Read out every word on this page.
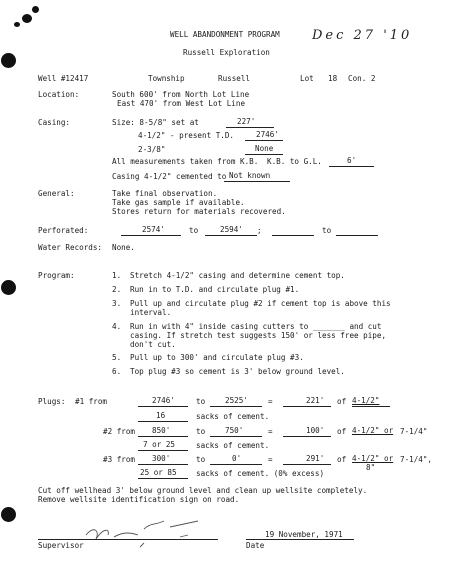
WELL ABANDONMENT PROGRAM
Russell Exploration
Dec 27 '10
Well #12417	Township	Russell	Lot 18 Con. 2
Location:	South 600' from North Lot Line
East 470' from West Lot Line
Casing:	Size: 8-5/8" set at	227'
4-1/2" - present T.D.	2746'
2-3/8"	None
All measurements taken from K.B. K.B. to G.L.	6'
Casing 4-1/2" cemented to Not known
General:	Take final observation.
Take gas sample if available.
Stores return for materials recovered.
Perforated:	2574'	to	2594' ;	to
Water Records: None.
Program:	1. Stretch 4-1/2" casing and determine cement top.
2. Run in to T.D. and circulate plug #1.
3. Pull up and circulate plug #2 if cement top is above this
interval.
4. Run in with 4" inside casing cutters to _______ and cut
casing. If stretch test suggests 150' or less free pipe,
don't cut.
5. Pull up to 300' and circulate plug #3.
6. Top plug #3 so cement is 3' below ground level.
Plugs: #1 from	2746'	to	2525'	=	221' of 4-1/2"
16	sacks of cement.
#2 from 850'	to	750'	=	100' of 4-1/2" or 7-1/4"
7 or 25	sacks of cement.
#3 from 300'	to	0'	=	291' of 4-1/2" or 7-1/4",
8"
25 or 85	sacks of cement. (0% excess)
Cut off wellhead 3' below ground level and clean up wellsite completely.
Remove wellsite identification sign on road.
Supervisor
19 November, 1971
Date
